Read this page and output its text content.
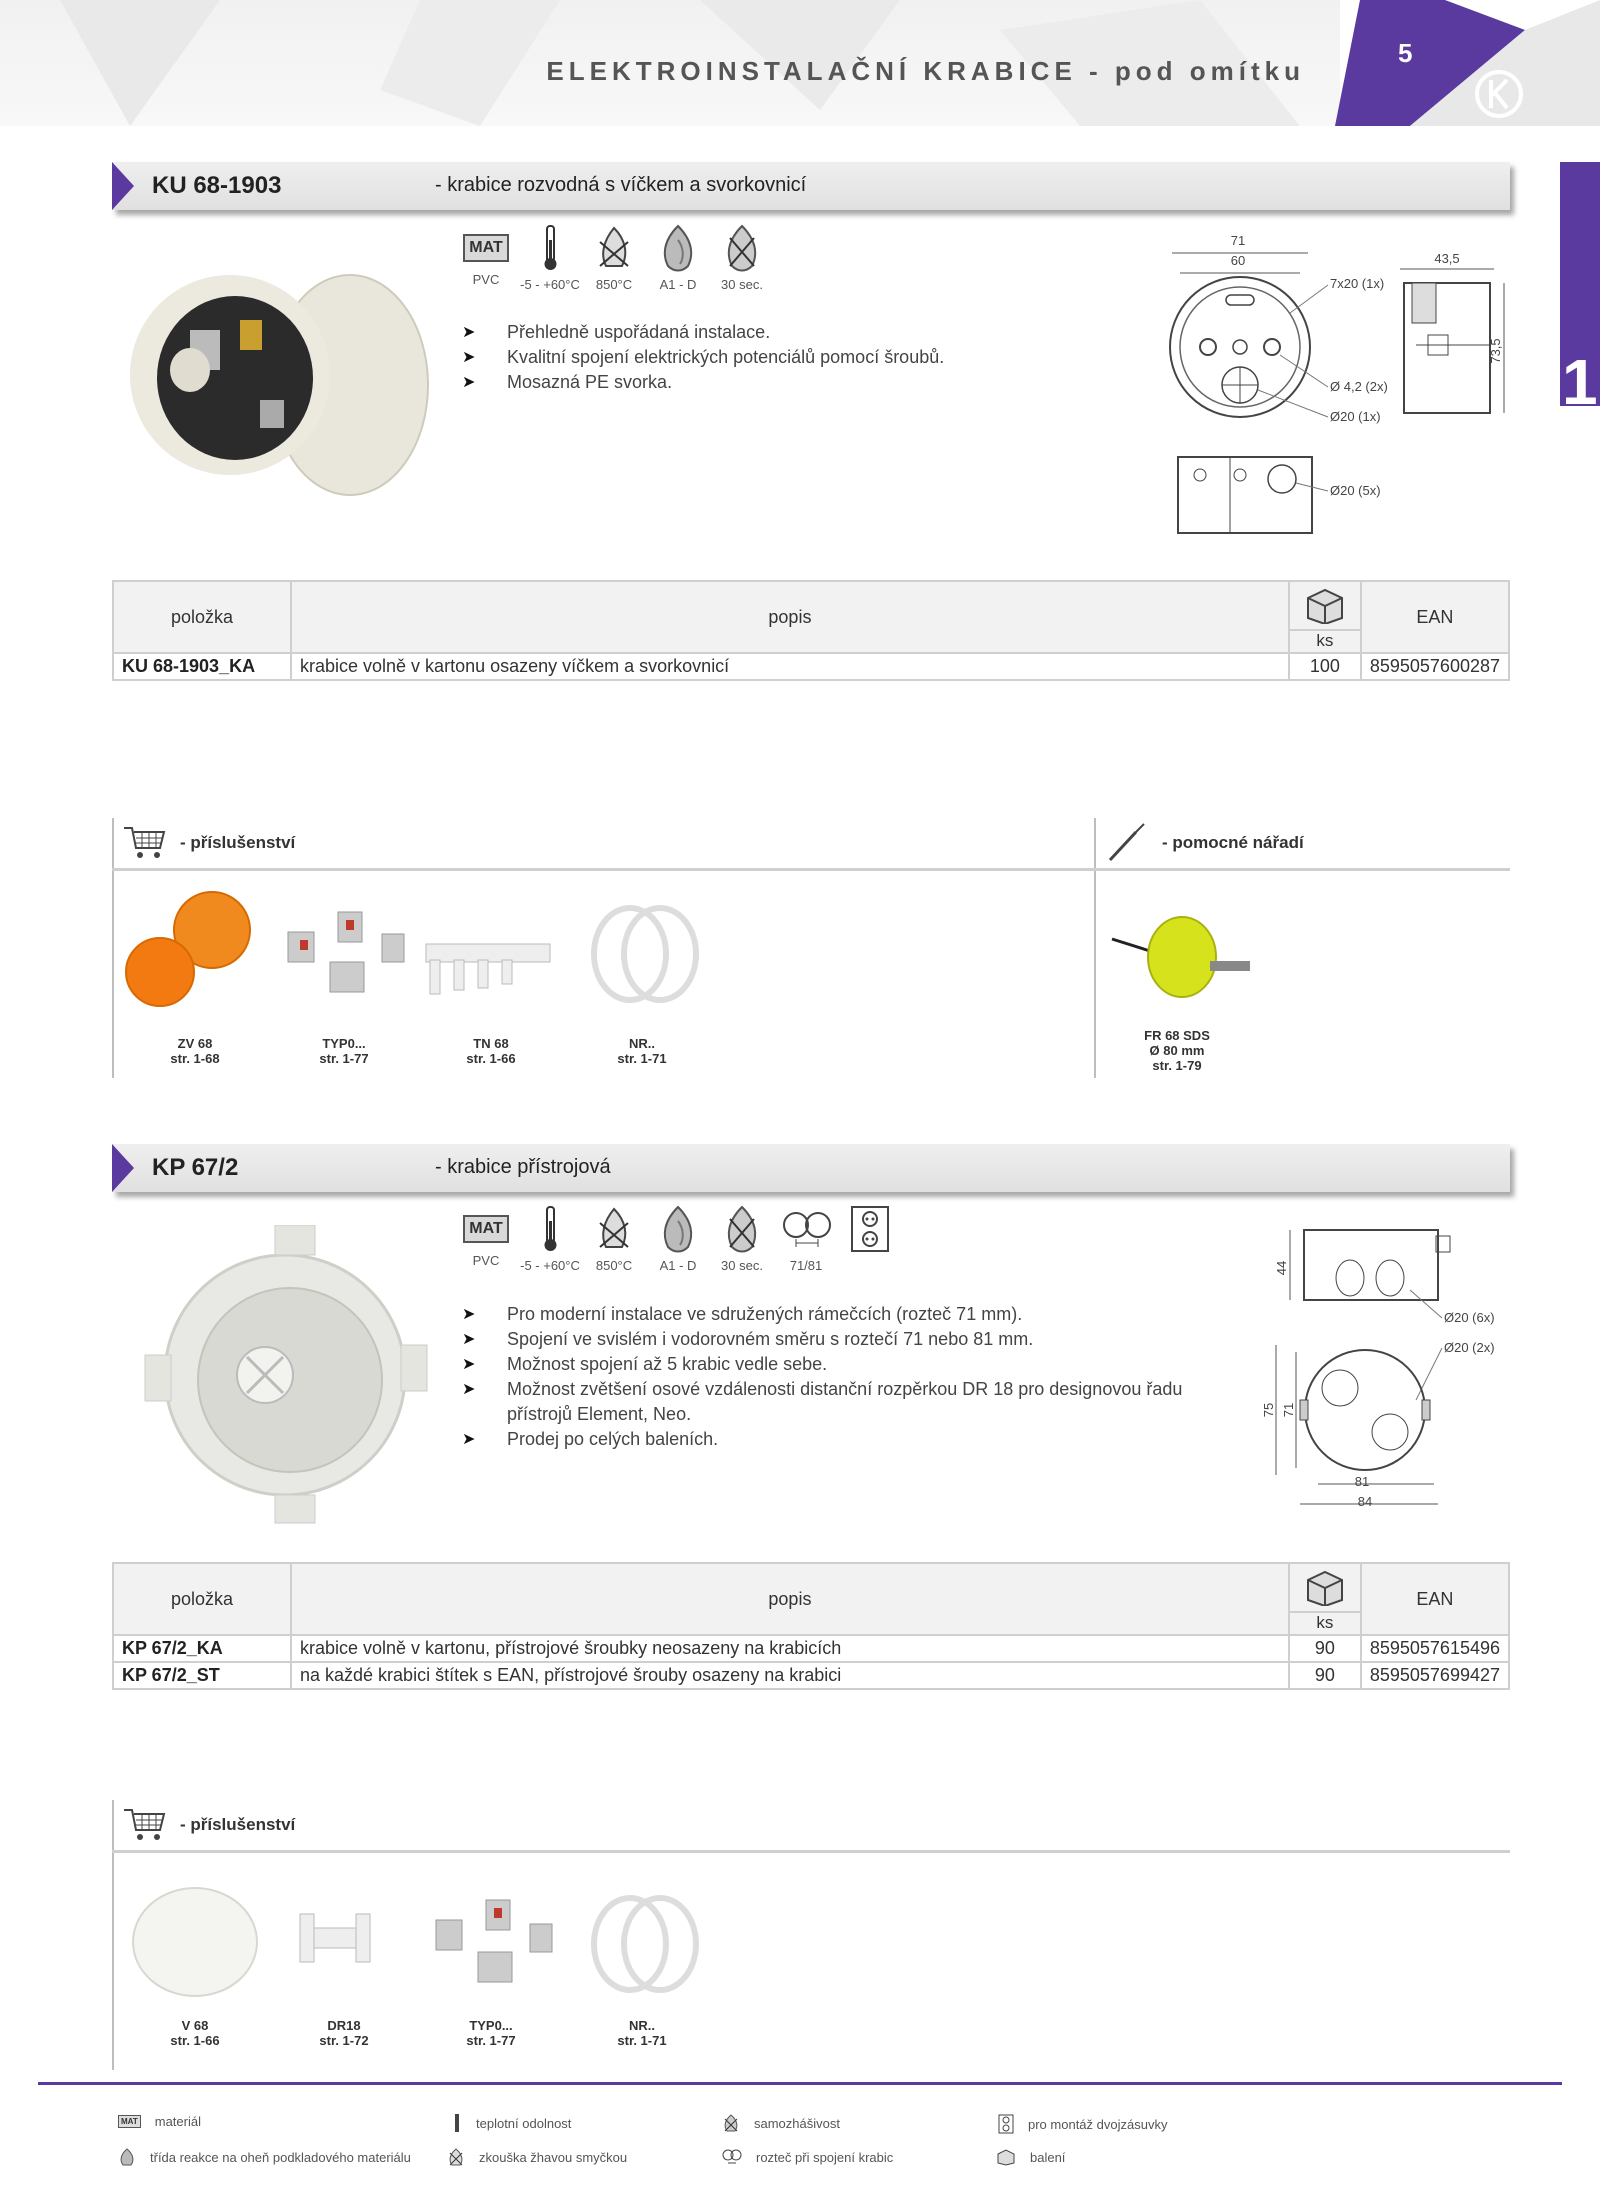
ELEKTROINSTALAČNÍ KRABICE - pod omítku
5
1
KU 68-1903	- krabice rozvodná s víčkem a svorkovnicí
MAT
PVC	-5 - +60°C	850°C	A1 - D	30 sec.
➤ Přehledně uspořádaná instalace.
➤ Kvalitní spojení elektrických potenciálů pomocí šroubů.
➤ Mosazná PE svorka.
71
60
7x20 (1x)
Ø 4,2 (2x)
Ø20 (1x)
43,5
73,5
Ø20 (5x)
položka	popis	ks	EAN
KU 68-1903_KA	krabice volně v kartonu osazeny víčkem a svorkovnicí	100	8595057600287
- příslušenství	- pomocné nářadí
ZV 68
str. 1-68
TYP0...
str. 1-77
TN 68
str. 1-66
NR..
str. 1-71
FR 68 SDS
Ø 80 mm
str. 1-79
KP 67/2	- krabice přístrojová
MAT
PVC	-5 - +60°C	850°C	A1 - D	30 sec.	71/81
➤ Pro moderní instalace ve sdružených rámečcích (rozteč 71 mm).
➤ Spojení ve svislém i vodorovném směru s roztečí 71 nebo 81 mm.
➤ Možnost spojení až 5 krabic vedle sebe.
➤ Možnost zvětšení osové vzdálenosti distanční rozpěrkou DR 18 pro designovou řadu přístrojů Element, Neo.
➤ Prodej po celých baleních.
44
Ø20 (6x)
Ø20 (2x)
75 71
81
84
položka	popis	ks	EAN
KP 67/2_KA	krabice volně v kartonu, přístrojové šroubky neosazeny na krabicích	90	8595057615496
KP 67/2_ST	na každé krabici štítek s EAN, přístrojové šrouby osazeny na krabici	90	8595057699427
- příslušenství
V 68
str. 1-66
DR18
str. 1-72
TYP0...
str. 1-77
NR..
str. 1-71
MAT materiál	teplotní odolnost	samozhášivost	pro montáž dvojzásuvky
třída reakce na oheň podkladového materiálu	zkouška žhavou smyčkou	rozteč při spojení krabic	balení
